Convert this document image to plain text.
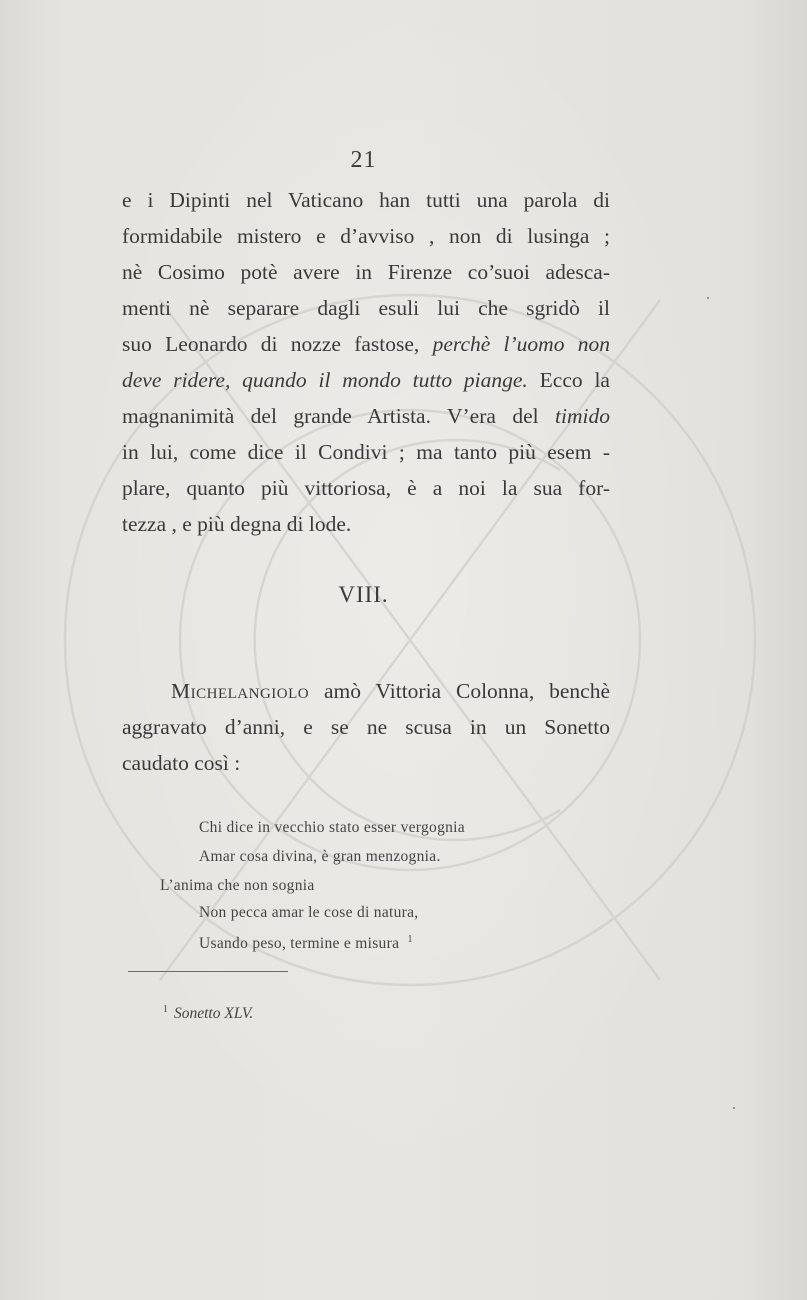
21
e i Dipinti nel Vaticano han tutti una parola di
formidabile mistero e d’avviso , non di lusinga ;
nè Cosimo potè avere in Firenze co’suoi adesca-
menti nè separare dagli esuli lui che sgridò il
suo Leonardo di nozze fastose, perchè l’uomo non
deve ridere, quando il mondo tutto piange. Ecco la
magnanimità del grande Artista. V’era del timido
in lui, come dice il Condivi ; ma tanto più esem -
plare, quanto più vittoriosa, è a noi la sua for-
tezza , e più degna di lode.
VIII.
Michelangiolo amò Vittoria Colonna, benchè
aggravato d’anni, e se ne scusa in un Sonetto
caudato così :
Chi dice in vecchio stato esser vergognia
Amar cosa divina, è gran menzognia.
L’anima che non sognia
Non pecca amar le cose di natura,
Usando peso, termine e misura $^1$
$^1$ Sonetto XLV.
